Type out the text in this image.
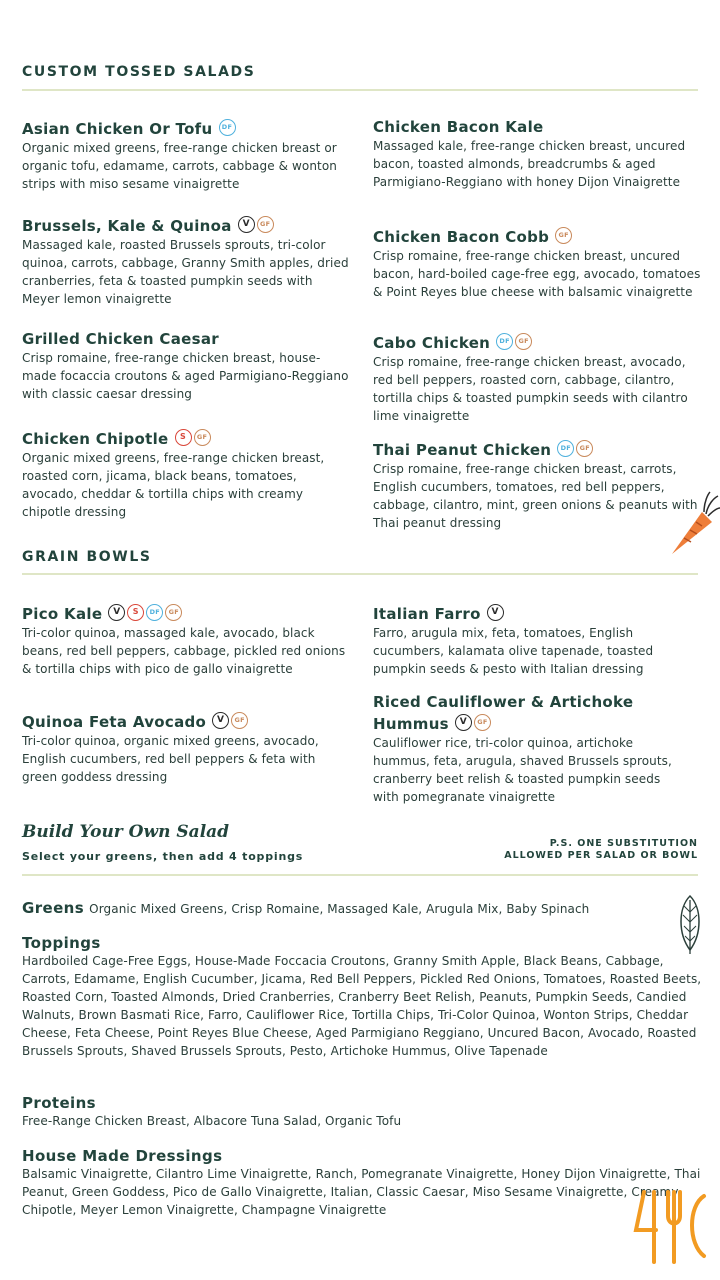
CUSTOM TOSSED SALADS
Asian Chicken Or Tofu DF
Organic mixed greens, free-range chicken breast or organic tofu, edamame, carrots, cabbage & wonton strips with miso sesame vinaigrette
Brussels, Kale & Quinoa V GF
Massaged kale, roasted Brussels sprouts, tri-color quinoa, carrots, cabbage, Granny Smith apples, dried cranberries, feta & toasted pumpkin seeds with Meyer lemon vinaigrette
Grilled Chicken Caesar
Crisp romaine, free-range chicken breast, house-made focaccia croutons & aged Parmigiano-Reggiano with classic caesar dressing
Chicken Chipotle S GF
Organic mixed greens, free-range chicken breast, roasted corn, jicama, black beans, tomatoes, avocado, cheddar & tortilla chips with creamy chipotle dressing
Chicken Bacon Kale
Massaged kale, free-range chicken breast, uncured bacon, toasted almonds, breadcrumbs & aged Parmigiano-Reggiano with honey Dijon Vinaigrette
Chicken Bacon Cobb GF
Crisp romaine, free-range chicken breast, uncured bacon, hard-boiled cage-free egg, avocado, tomatoes & Point Reyes blue cheese with balsamic vinaigrette
Cabo Chicken DF GF
Crisp romaine, free-range chicken breast, avocado, red bell peppers, roasted corn, cabbage, cilantro, tortilla chips & toasted pumpkin seeds with cilantro lime vinaigrette
Thai Peanut Chicken DF GF
Crisp romaine, free-range chicken breast, carrots, English cucumbers, tomatoes, red bell peppers, cabbage, cilantro, mint, green onions & peanuts with Thai peanut dressing
GRAIN BOWLS
Pico Kale V S DF GF
Tri-color quinoa, massaged kale, avocado, black beans, red bell peppers, cabbage, pickled red onions & tortilla chips with pico de gallo vinaigrette
Quinoa Feta Avocado V GF
Tri-color quinoa, organic mixed greens, avocado, English cucumbers, red bell peppers & feta with green goddess dressing
Italian Farro V
Farro, arugula mix, feta, tomatoes, English cucumbers, kalamata olive tapenade, toasted pumpkin seeds & pesto with Italian dressing
Riced Cauliflower & Artichoke Hummus V GF
Cauliflower rice, tri-color quinoa, artichoke hummus, feta, arugula, shaved Brussels sprouts, cranberry beet relish & toasted pumpkin seeds with pomegranate vinaigrette
Build Your Own Salad
Select your greens, then add 4 toppings
P.S. ONE SUBSTITUTION
ALLOWED PER SALAD OR BOWL
Greens Organic Mixed Greens, Crisp Romaine, Massaged Kale, Arugula Mix, Baby Spinach
Toppings
Hardboiled Cage-Free Eggs, House-Made Foccacia Croutons, Granny Smith Apple, Black Beans, Cabbage, Carrots, Edamame, English Cucumber, Jicama, Red Bell Peppers, Pickled Red Onions, Tomatoes, Roasted Beets, Roasted Corn, Toasted Almonds, Dried Cranberries, Cranberry Beet Relish, Peanuts, Pumpkin Seeds, Candied Walnuts, Brown Basmati Rice, Farro, Cauliflower Rice, Tortilla Chips, Tri-Color Quinoa, Wonton Strips, Cheddar Cheese, Feta Cheese, Point Reyes Blue Cheese, Aged Parmigiano Reggiano, Uncured Bacon, Avocado, Roasted Brussels Sprouts, Shaved Brussels Sprouts, Pesto, Artichoke Hummus, Olive Tapenade
Proteins
Free-Range Chicken Breast, Albacore Tuna Salad, Organic Tofu
House Made Dressings
Balsamic Vinaigrette, Cilantro Lime Vinaigrette, Ranch, Pomegranate Vinaigrette, Honey Dijon Vinaigrette, Thai Peanut, Green Goddess, Pico de Gallo Vinaigrette, Italian, Classic Caesar, Miso Sesame Vinaigrette, Creamy Chipotle, Meyer Lemon Vinaigrette, Champagne Vinaigrette
